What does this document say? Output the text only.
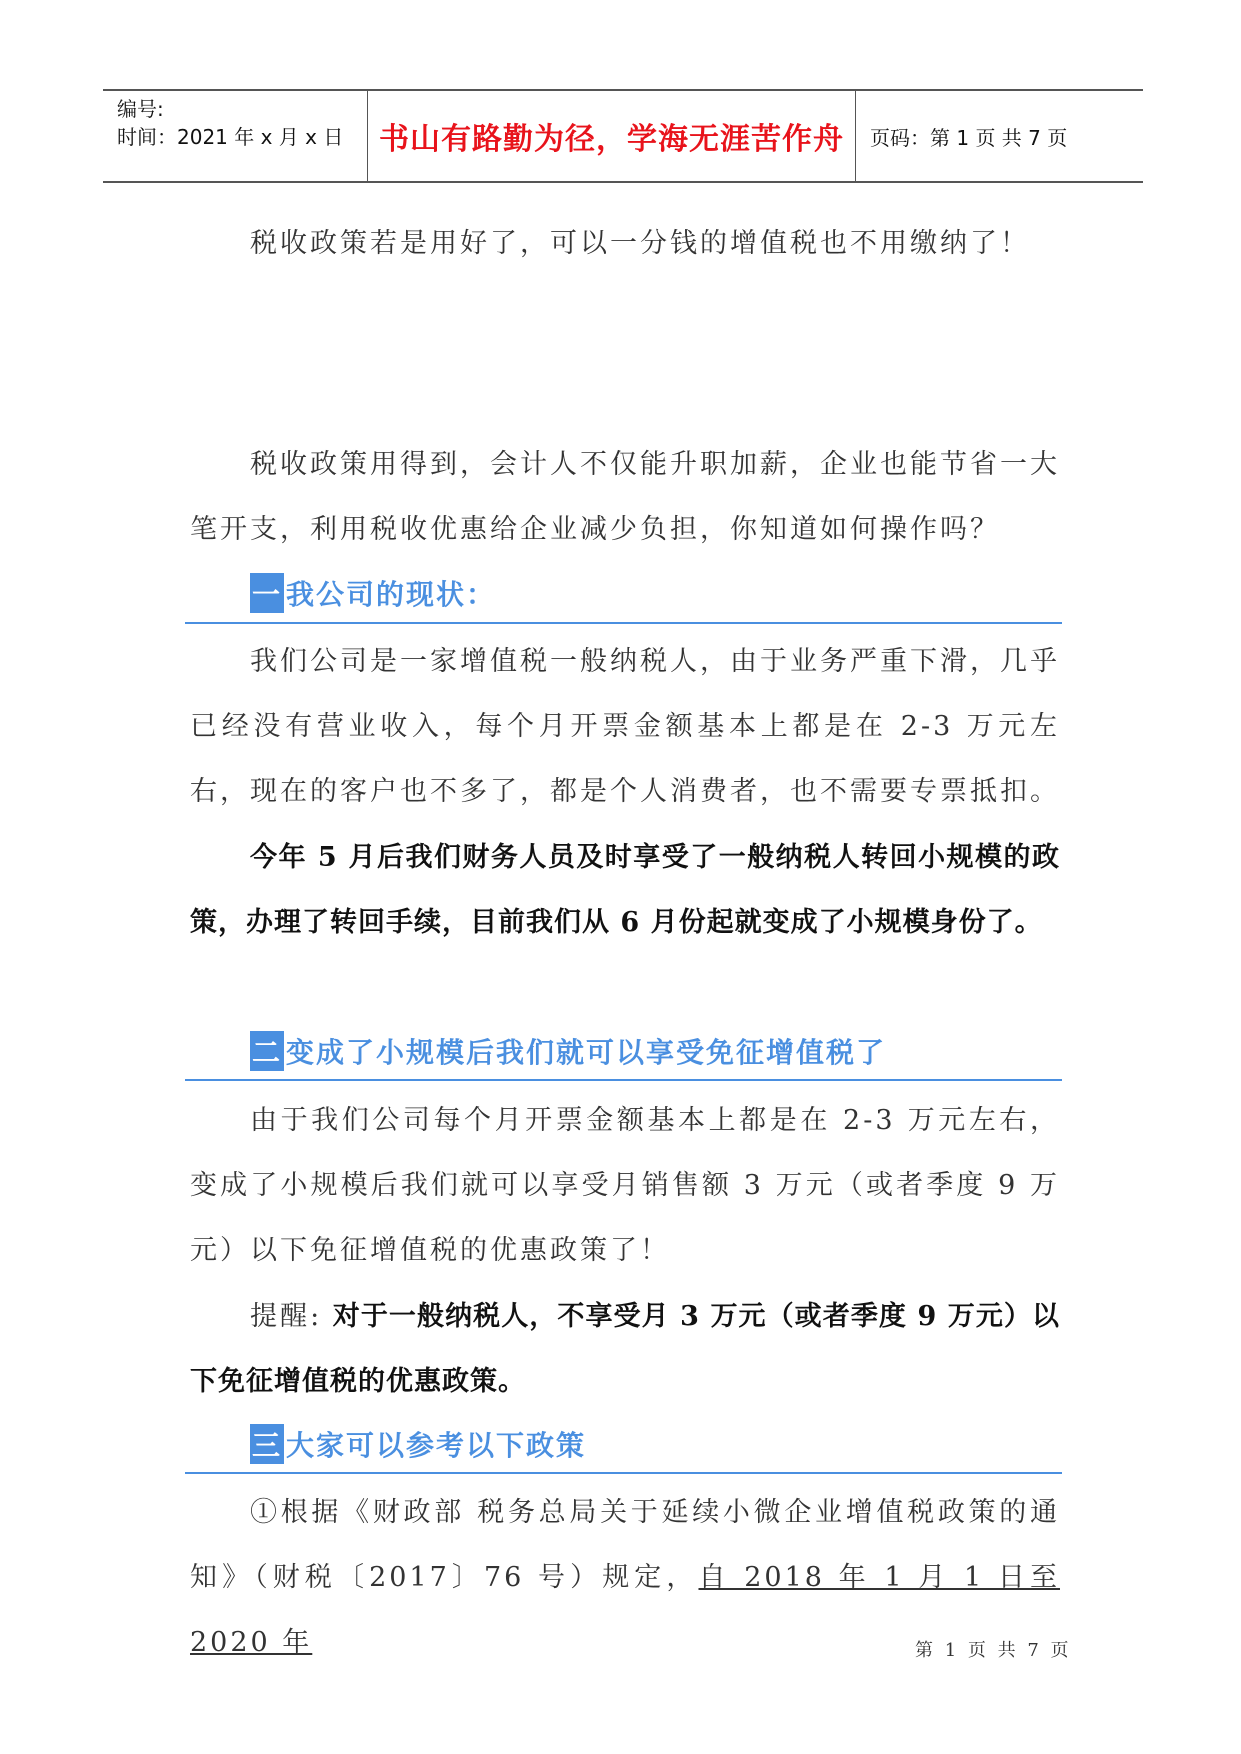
编号:
时间：2021 年 x 月 x 日	书山有路勤为径，学海无涯苦作舟 页码：第 1 页 共 7 页

税收政策若是用好了，可以一分钱的增值税也不用缴纳了！

税收政策用得到，会计人不仅能升职加薪，企业也能节省一大笔开支，利用税收优惠给企业减少负担，你知道如何操作吗？

一 我公司的现状：

我们公司是一家增值税一般纳税人，由于业务严重下滑，几乎已经没有营业收入，每个月开票金额基本上都是在 2-3 万元左右，现在的客户也不多了，都是个人消费者，也不需要专票抵扣。

今年 5 月后我们财务人员及时享受了一般纳税人转回小规模的政策，办理了转回手续，目前我们从 6 月份起就变成了小规模身份了。

二 变成了小规模后我们就可以享受免征增值税了

由于我们公司每个月开票金额基本上都是在 2-3 万元左右，变成了小规模后我们就可以享受月销售额 3 万元（或者季度 9 万元）以下免征增值税的优惠政策了！

提醒: 对于一般纳税人，不享受月 3 万元（或者季度 9 万元）以下免征增值税的优惠政策。

三 大家可以参考以下政策

①根据《财政部 税务总局关于延续小微企业增值税政策的通知》（财税〔2017〕76 号）规定，自 2018 年 1 月 1 日至 2020 年	第 1 页 共 7 页
